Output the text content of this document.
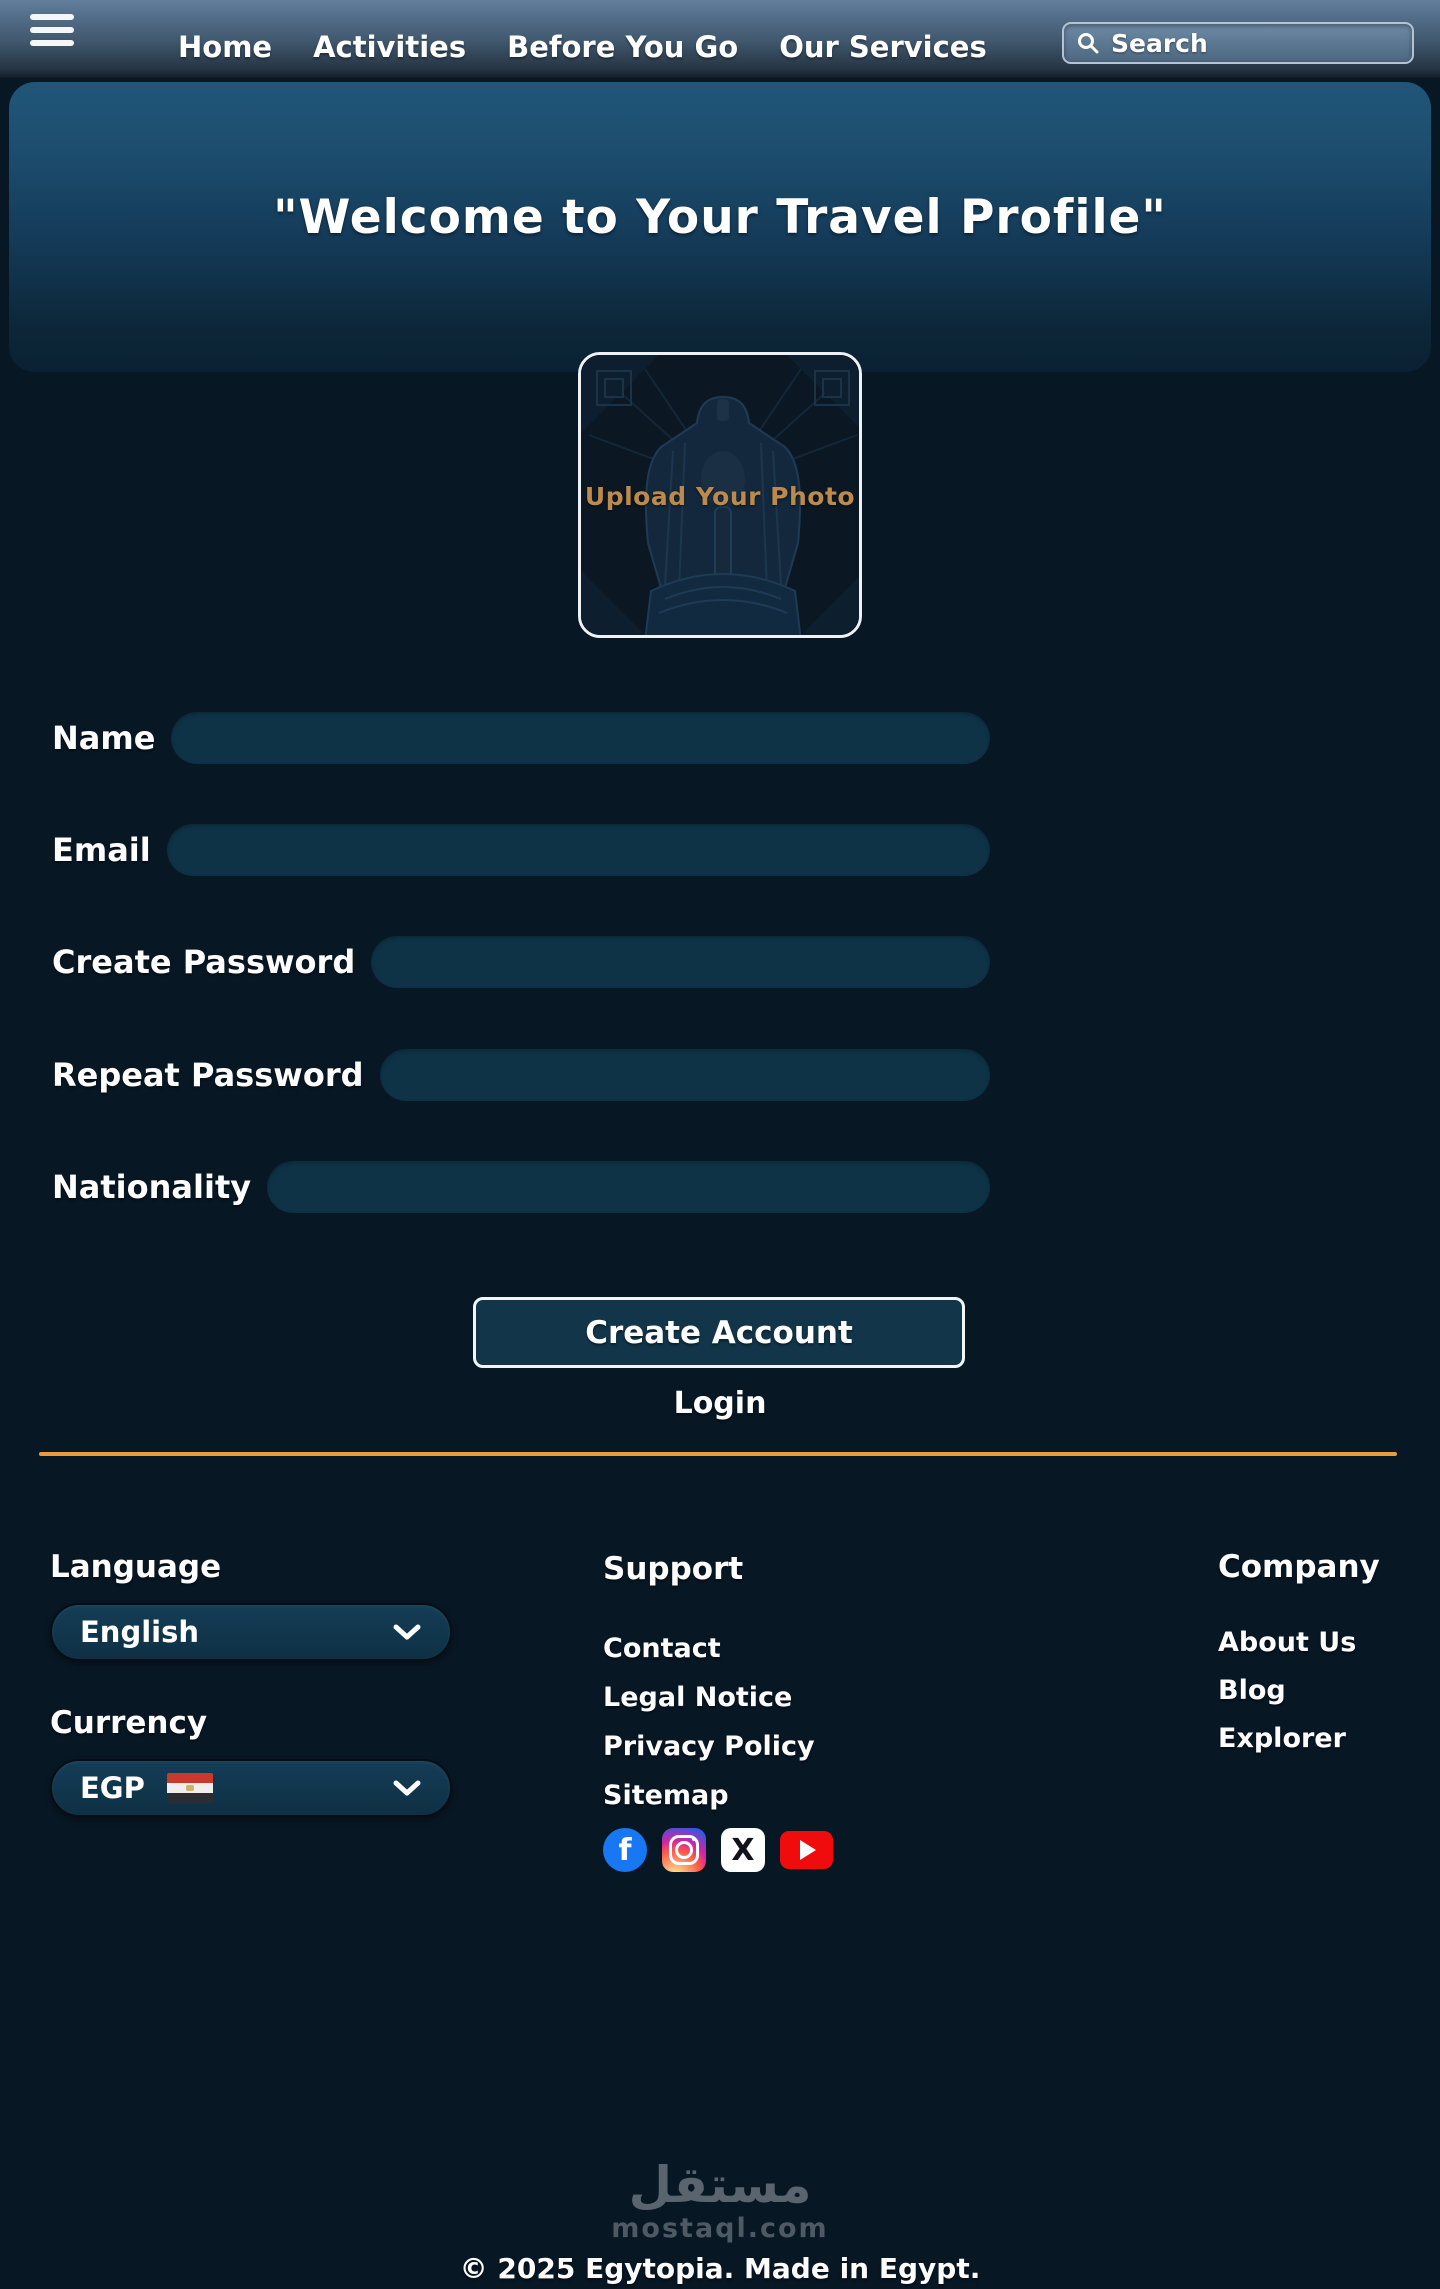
Home Activities Before You Go Our Services
Search
"Welcome to Your Travel Profile"
Upload Your Photo
Name
Email
Create Password
Repeat Password
Nationality
Create Account
Login
Language
English
Currency
EGP
Support
Contact
Legal Notice
Privacy Policy
Sitemap
f	X
Company
About Us
Blog
Explorer
مستقل
mostaql.com
© 2025 Egytopia. Made in Egypt.
